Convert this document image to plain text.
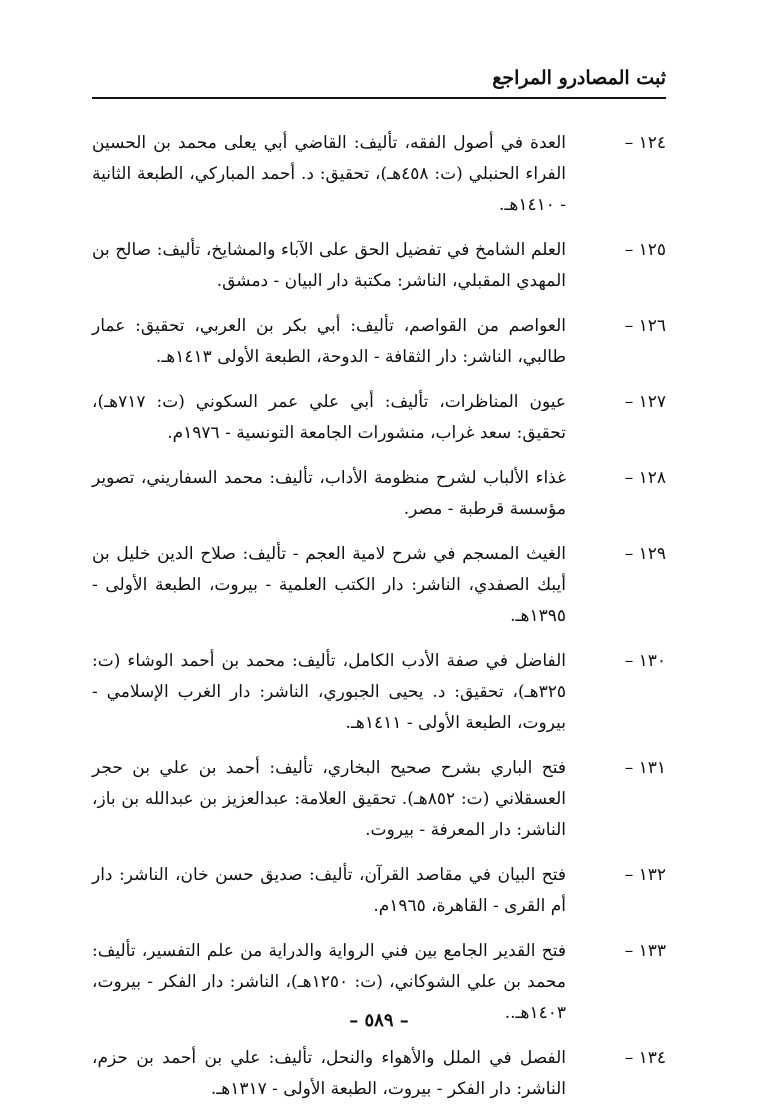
ثبت المصادرو المراجع
١٢٤ –
العدة في أصول الفقه، تأليف: القاضي أبي يعلى محمد بن الحسين الفراء الحنبلي (ت: ٤٥٨هـ)، تحقيق: د. أحمد المباركي، الطبعة الثانية - ١٤١٠هـ.
١٢٥ –
العلم الشامخ في تفضيل الحق على الآباء والمشايخ، تأليف: صالح بن المهدي المقبلي، الناشر: مكتبة دار البيان - دمشق.
١٢٦ –
العواصم من القواصم، تأليف: أبي بكر بن العربي، تحقيق: عمار طالبي، الناشر: دار الثقافة - الدوحة، الطبعة الأولى ١٤١٣هـ.
١٢٧ –
عيون المناظرات، تأليف: أبي علي عمر السكوني (ت: ٧١٧هـ)، تحقيق: سعد غراب، منشورات الجامعة التونسية - ١٩٧٦م.
١٢٨ –
غذاء الألباب لشرح منظومة الأداب، تأليف: محمد السفاريني، تصوير مؤسسة قرطبة - مصر.
١٢٩ –
الغيث المسجم في شرح لامية العجم - تأليف: صلاح الدين خليل بن أيبك الصفدي، الناشر: دار الكتب العلمية - بيروت، الطبعة الأولى - ١٣٩٥هـ.
١٣٠ –
الفاضل في صفة الأدب الكامل، تأليف: محمد بن أحمد الوشاء (ت: ٣٢٥هـ)، تحقيق: د. يحيى الجبوري، الناشر: دار الغرب الإسلامي - بيروت، الطبعة الأولى - ١٤١١هـ.
١٣١ –
فتح الباري بشرح صحيح البخاري، تأليف: أحمد بن علي بن حجر العسقلاني (ت: ٨٥٢هـ). تحقيق العلامة: عبدالعزيز بن عبدالله بن باز، الناشر: دار المعرفة - بيروت.
١٣٢ –
فتح البيان في مقاصد القرآن، تأليف: صديق حسن خان، الناشر: دار أم القرى - القاهرة، ١٩٦٥م.
١٣٣ –
فتح القدير الجامع بين فني الرواية والدراية من علم التفسير، تأليف: محمد بن علي الشوكاني، (ت: ١٢٥٠هـ)، الناشر: دار الفكر - بيروت، ١٤٠٣هـ..
١٣٤ –
الفصل في الملل والأهواء والنحل، تأليف: علي بن أحمد بن حزم، الناشر: دار الفكر - بيروت، الطبعة الأولى - ١٣١٧هـ.
– ٥٨٩ –
